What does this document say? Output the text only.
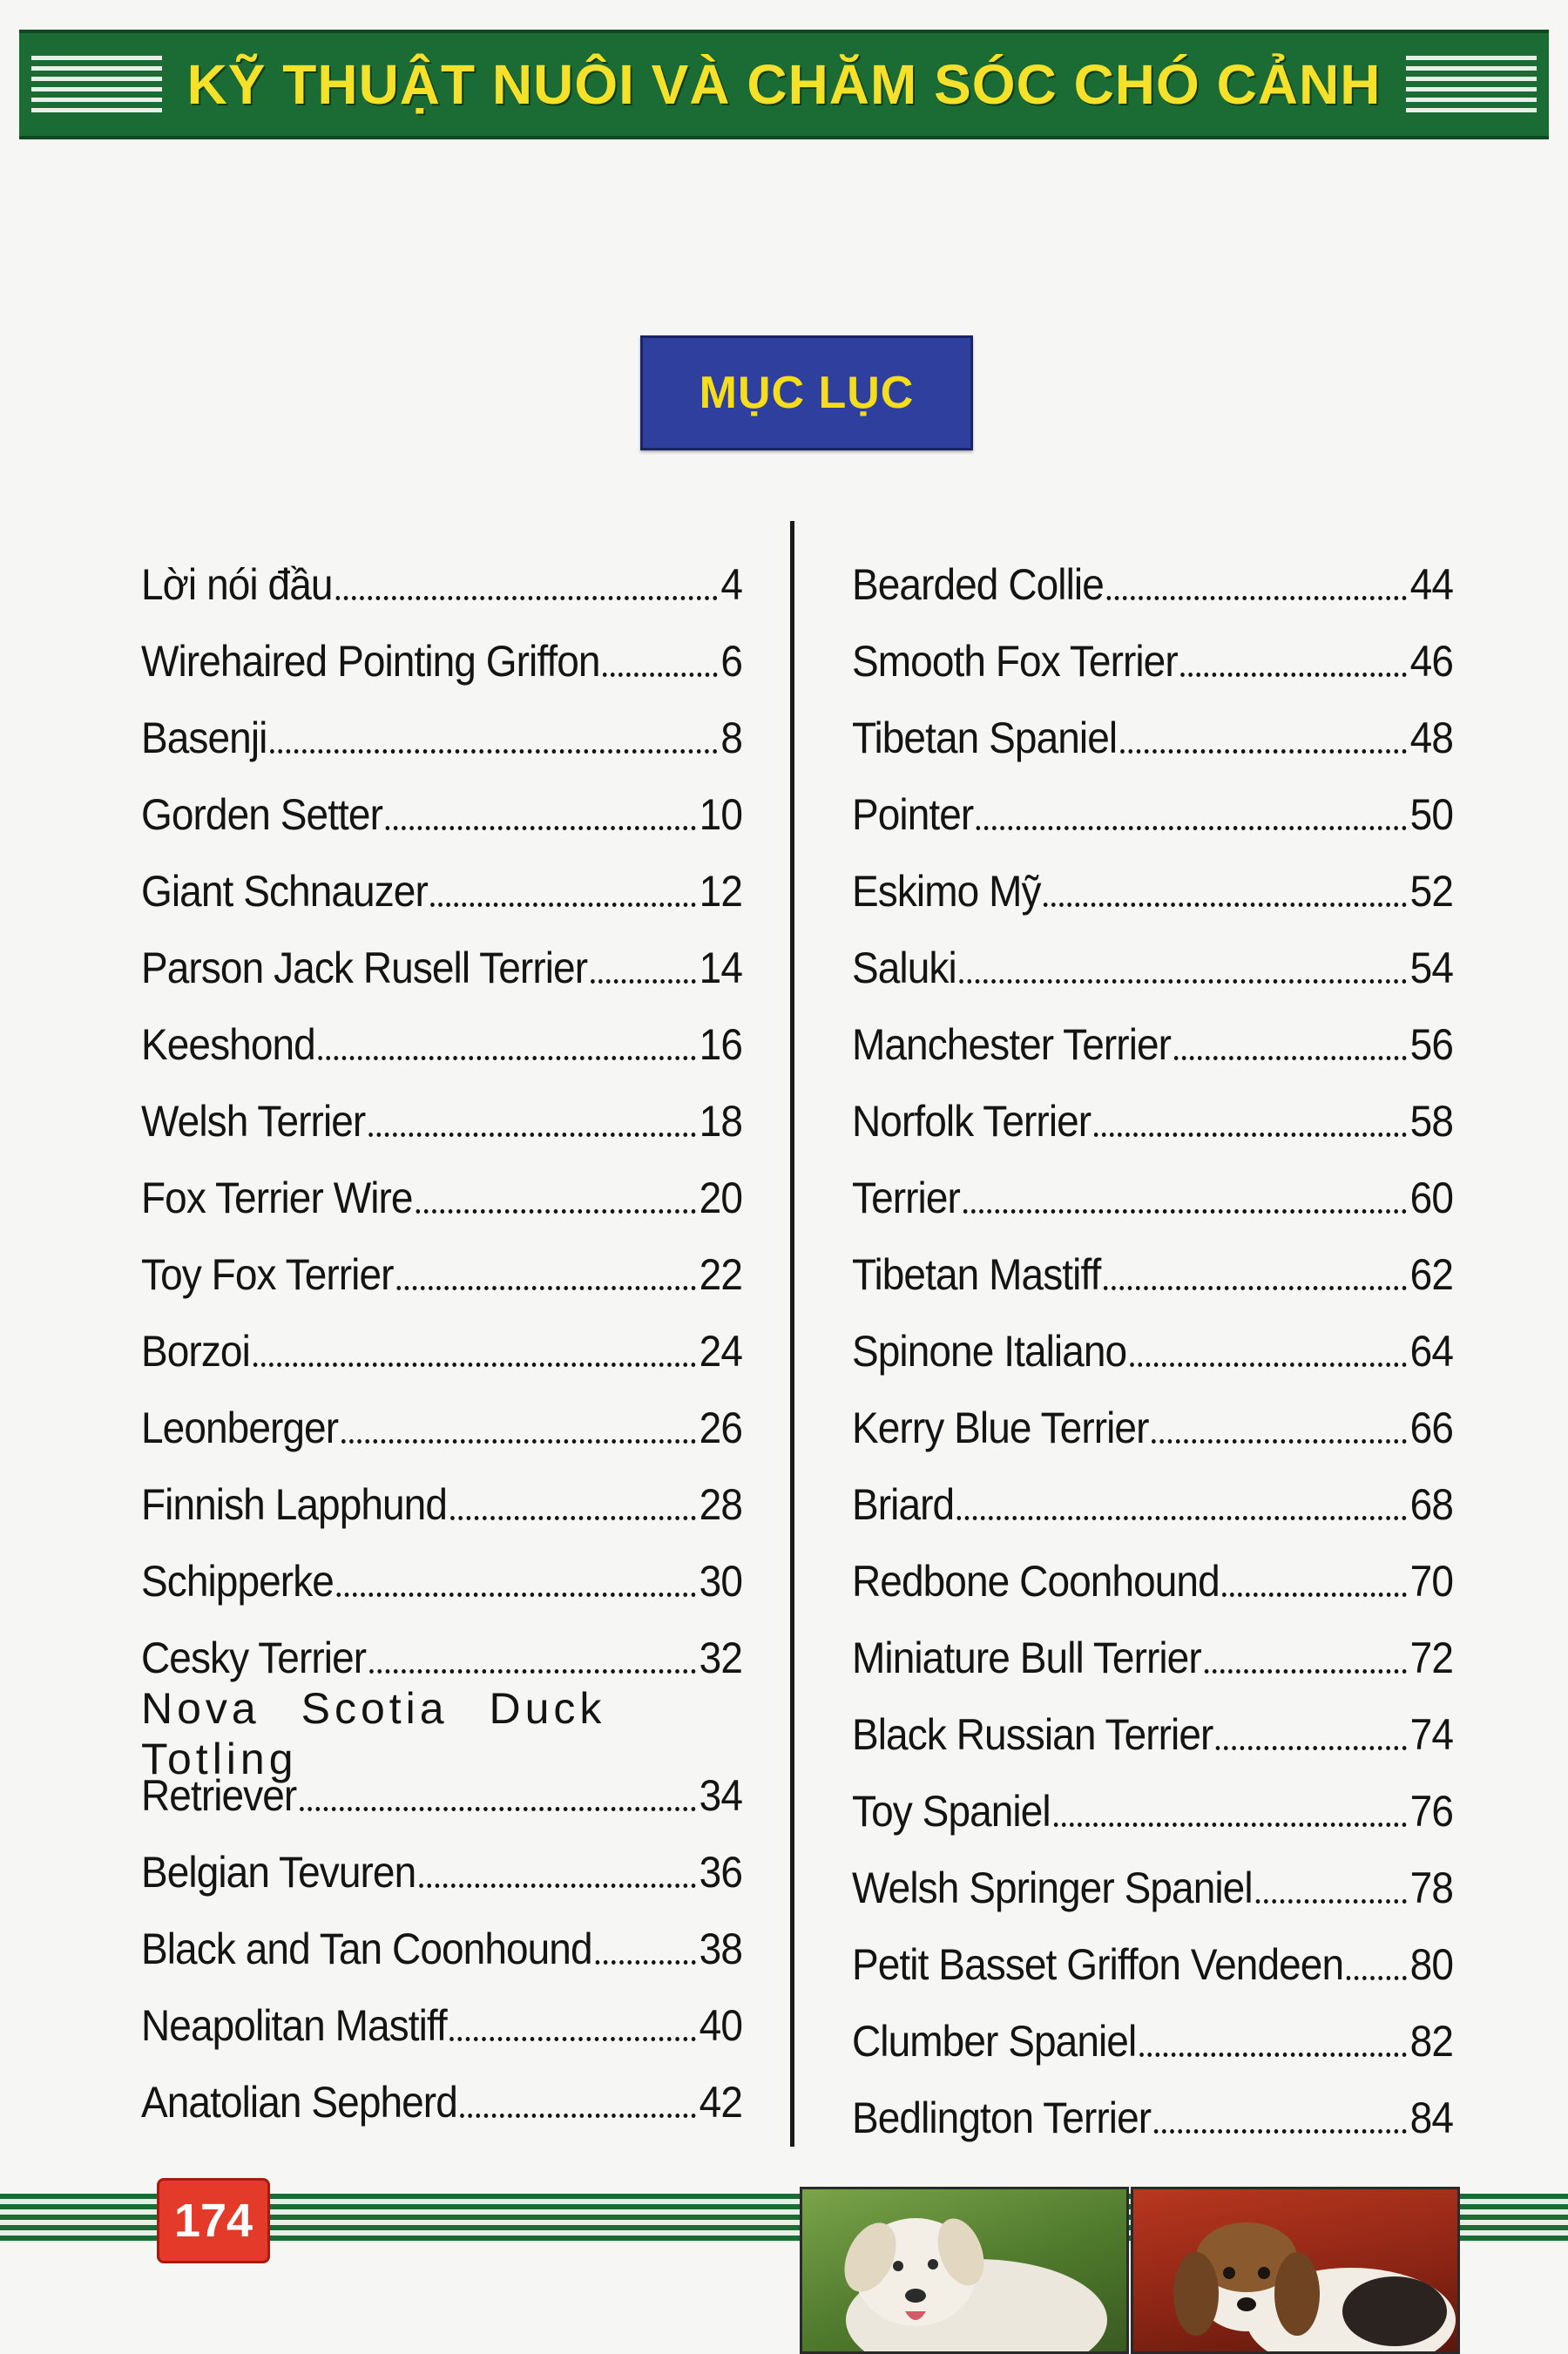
KỸ THUẬT NUÔI VÀ CHĂM SÓC CHÓ CẢNH
MỤC LỤC
Lời nói đầu	4
Wirehaired Pointing Griffon	6
Basenji	8
Gorden Setter	10
Giant Schnauzer	12
Parson Jack Rusell Terrier	14
Keeshond	16
Welsh Terrier	18
Fox Terrier Wire	20
Toy Fox Terrier	22
Borzoi	24
Leonberger	26
Finnish Lapphund	28
Schipperke	30
Cesky Terrier	32
Nova Scotia Duck Totling
Retriever	34
Belgian Tevuren	36
Black and Tan Coonhound 38
Neapolitan Mastiff	40
Anatolian Sepherd	42
Bearded Collie	44
Smooth Fox Terrier	46
Tibetan Spaniel	48
Pointer	50
Eskimo Mỹ	52
Saluki	54
Manchester Terrier	56
Norfolk Terrier	58
Terrier	60
Tibetan Mastiff	62
Spinone Italiano	64
Kerry Blue Terrier	66
Briard	68
Redbone Coonhound	70
Miniature Bull Terrier	72
Black Russian Terrier	74
Toy Spaniel	76
Welsh Springer Spaniel	78
Petit Basset Griffon Vendeen 80
Clumber Spaniel	82
Bedlington Terrier	84
174
